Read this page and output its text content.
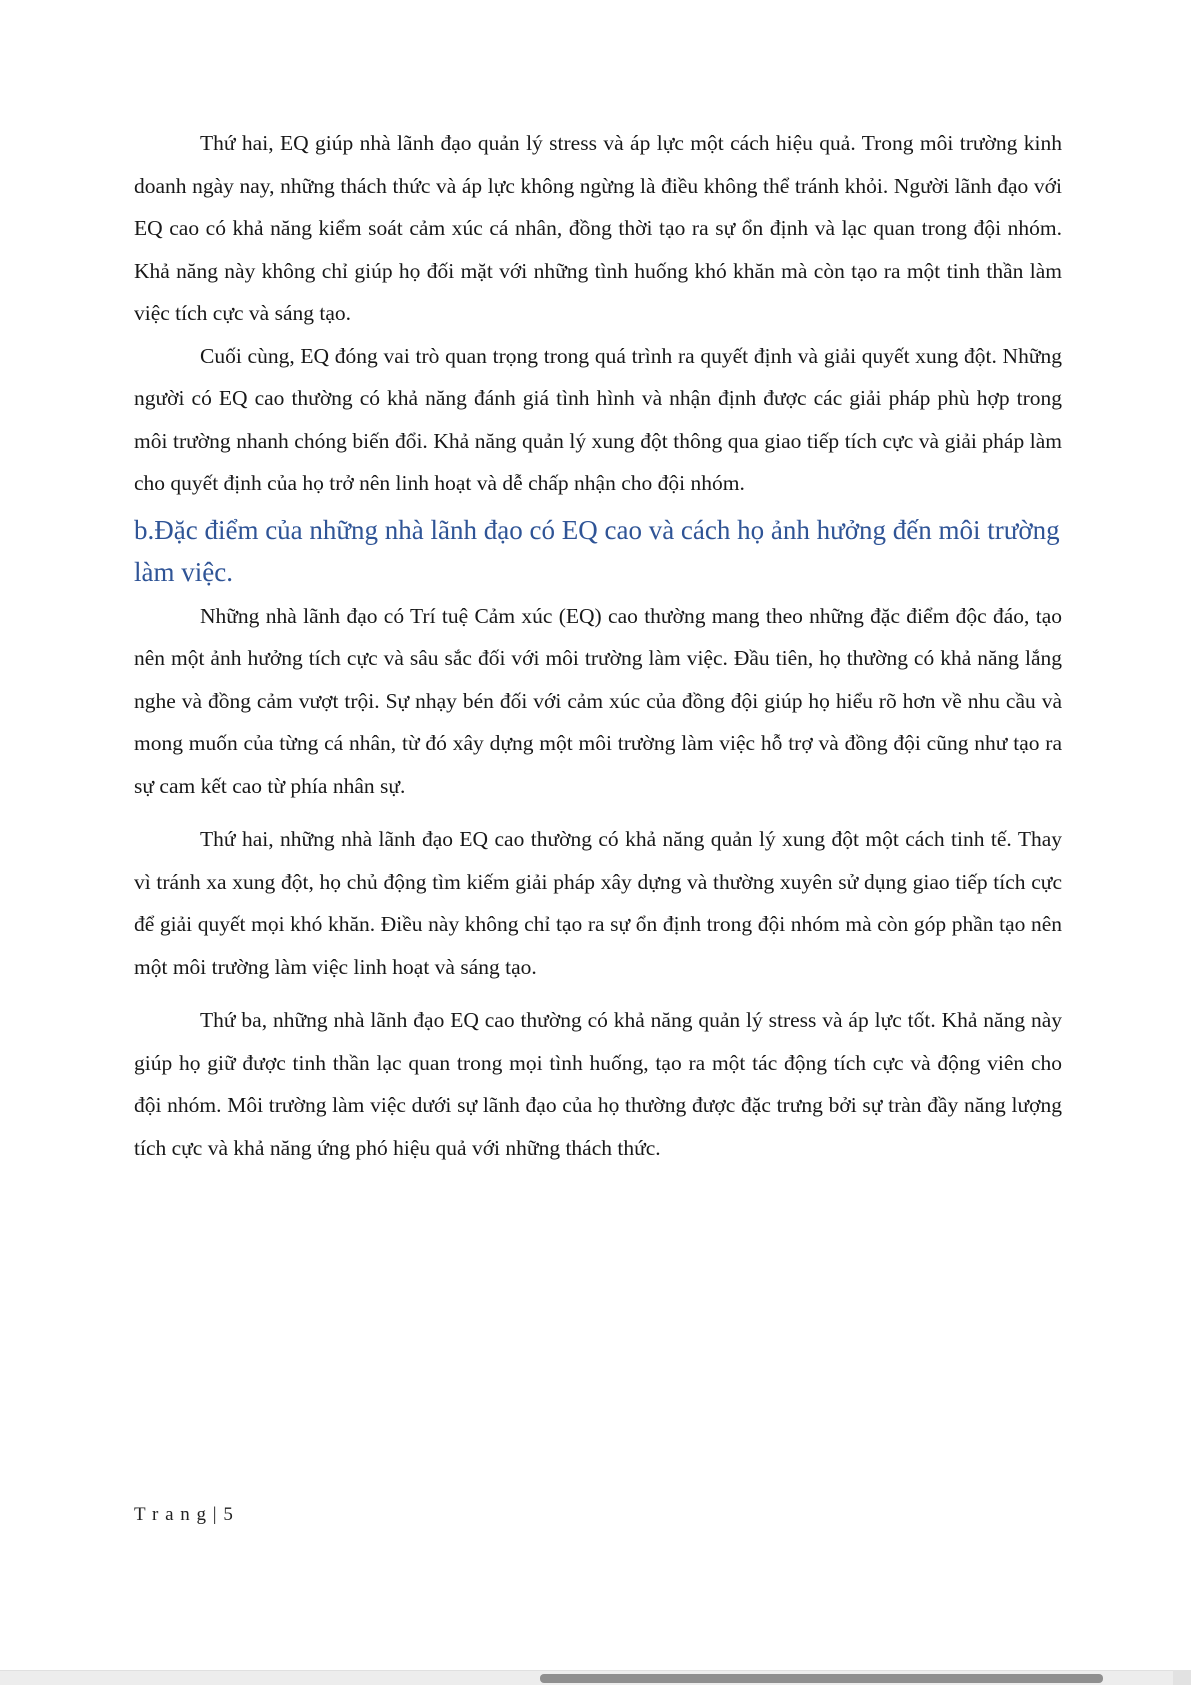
Thứ hai, EQ giúp nhà lãnh đạo quản lý stress và áp lực một cách hiệu quả. Trong môi trường kinh doanh ngày nay, những thách thức và áp lực không ngừng là điều không thể tránh khỏi. Người lãnh đạo với EQ cao có khả năng kiểm soát cảm xúc cá nhân, đồng thời tạo ra sự ổn định và lạc quan trong đội nhóm. Khả năng này không chỉ giúp họ đối mặt với những tình huống khó khăn mà còn tạo ra một tinh thần làm việc tích cực và sáng tạo.

Cuối cùng, EQ đóng vai trò quan trọng trong quá trình ra quyết định và giải quyết xung đột. Những người có EQ cao thường có khả năng đánh giá tình hình và nhận định được các giải pháp phù hợp trong môi trường nhanh chóng biến đổi. Khả năng quản lý xung đột thông qua giao tiếp tích cực và giải pháp làm cho quyết định của họ trở nên linh hoạt và dễ chấp nhận cho đội nhóm.

b.Đặc điểm của những nhà lãnh đạo có EQ cao và cách họ ảnh hưởng đến môi trường làm việc.

Những nhà lãnh đạo có Trí tuệ Cảm xúc (EQ) cao thường mang theo những đặc điểm độc đáo, tạo nên một ảnh hưởng tích cực và sâu sắc đối với môi trường làm việc. Đầu tiên, họ thường có khả năng lắng nghe và đồng cảm vượt trội. Sự nhạy bén đối với cảm xúc của đồng đội giúp họ hiểu rõ hơn về nhu cầu và mong muốn của từng cá nhân, từ đó xây dựng một môi trường làm việc hỗ trợ và đồng đội cũng như tạo ra sự cam kết cao từ phía nhân sự.

Thứ hai, những nhà lãnh đạo EQ cao thường có khả năng quản lý xung đột một cách tinh tế. Thay vì tránh xa xung đột, họ chủ động tìm kiếm giải pháp xây dựng và thường xuyên sử dụng giao tiếp tích cực để giải quyết mọi khó khăn. Điều này không chỉ tạo ra sự ổn định trong đội nhóm mà còn góp phần tạo nên một môi trường làm việc linh hoạt và sáng tạo.

Thứ ba, những nhà lãnh đạo EQ cao thường có khả năng quản lý stress và áp lực tốt. Khả năng này giúp họ giữ được tinh thần lạc quan trong mọi tình huống, tạo ra một tác động tích cực và động viên cho đội nhóm. Môi trường làm việc dưới sự lãnh đạo của họ thường được đặc trưng bởi sự tràn đầy năng lượng tích cực và khả năng ứng phó hiệu quả với những thách thức.

T r a n g | 5
